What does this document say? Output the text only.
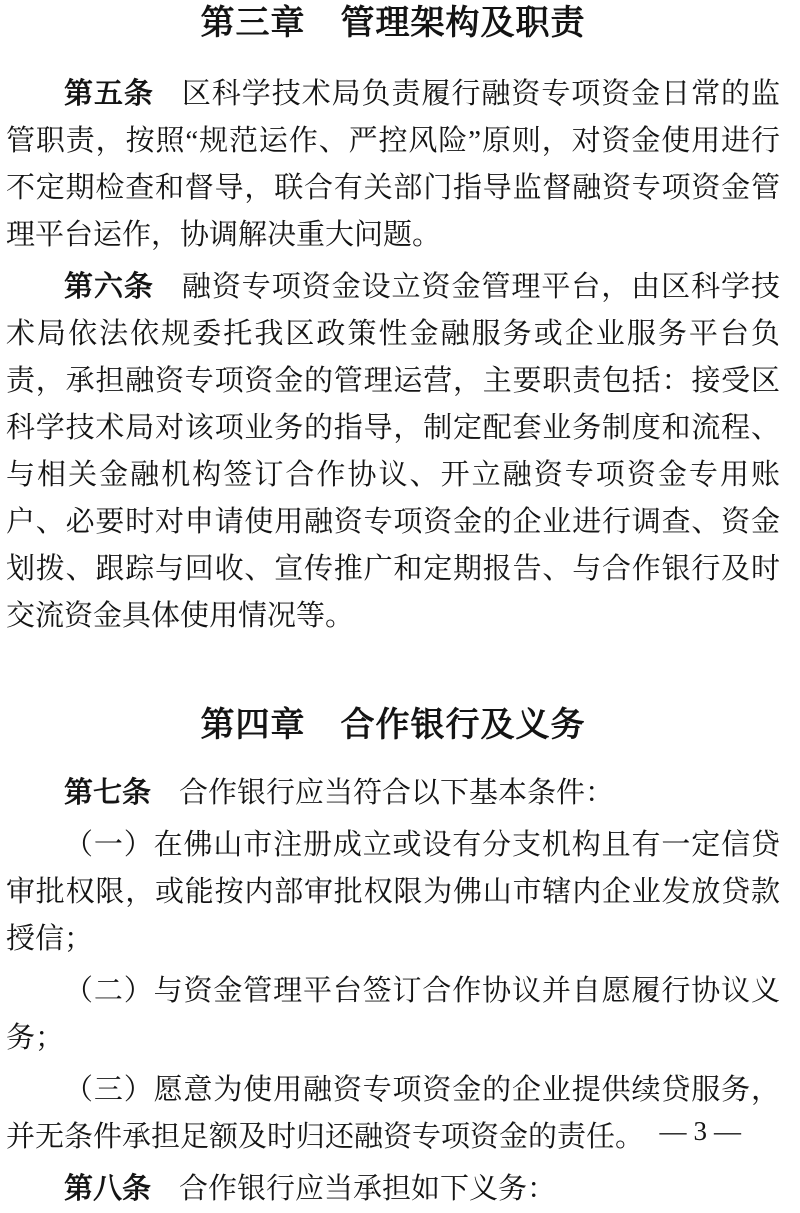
第三章　管理架构及职责

第五条 区科学技术局负责履行融资专项资金日常的监管职责，按照“规范运作、严控风险”原则，对资金使用进行不定期检查和督导，联合有关部门指导监督融资专项资金管理平台运作，协调解决重大问题。

第六条 融资专项资金设立资金管理平台，由区科学技术局依法依规委托我区政策性金融服务或企业服务平台负责，承担融资专项资金的管理运营，主要职责包括：接受区科学技术局对该项业务的指导，制定配套业务制度和流程、与相关金融机构签订合作协议、开立融资专项资金专用账户、必要时对申请使用融资专项资金的企业进行调查、资金划拨、跟踪与回收、宣传推广和定期报告、与合作银行及时交流资金具体使用情况等。

第四章　合作银行及义务

第七条 合作银行应当符合以下基本条件：

（一）在佛山市注册成立或设有分支机构且有一定信贷审批权限，或能按内部审批权限为佛山市辖内企业发放贷款授信；

（二）与资金管理平台签订合作协议并自愿履行协议义务；

（三）愿意为使用融资专项资金的企业提供续贷服务，并无条件承担足额及时归还融资专项资金的责任。

第八条 合作银行应当承担如下义务：

— 3 —
